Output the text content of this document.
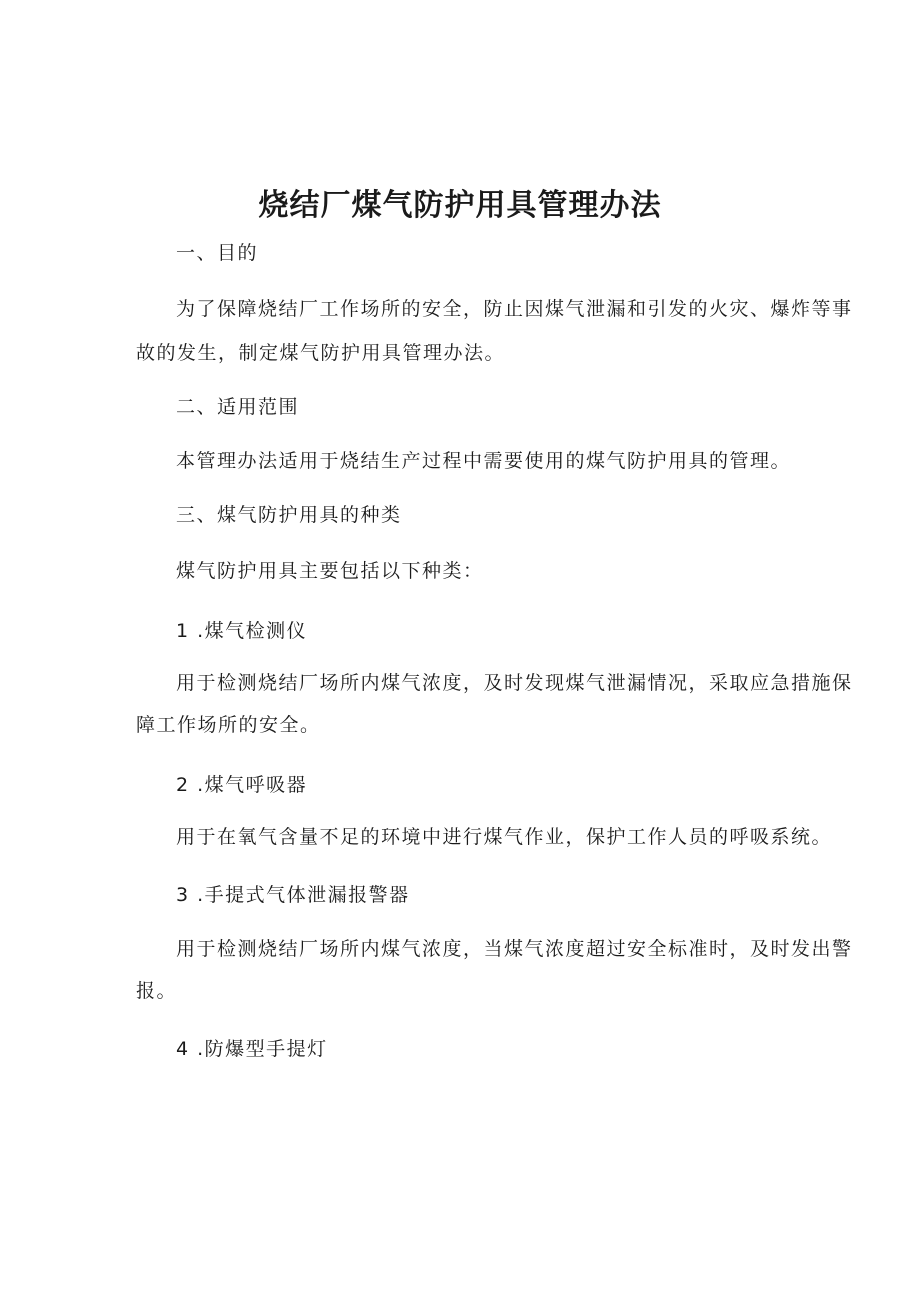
烧结厂煤气防护用具管理办法

一、目的

为了保障烧结厂工作场所的安全，防止因煤气泄漏和引发的火灾、爆炸等事

故的发生，制定煤气防护用具管理办法。

二、适用范围

本管理办法适用于烧结生产过程中需要使用的煤气防护用具的管理。

三、煤气防护用具的种类

煤气防护用具主要包括以下种类：

1 .煤气检测仪

用于检测烧结厂场所内煤气浓度，及时发现煤气泄漏情况，采取应急措施保

障工作场所的安全。

2 .煤气呼吸器

用于在氧气含量不足的环境中进行煤气作业，保护工作人员的呼吸系统。

3 .手提式气体泄漏报警器

用于检测烧结厂场所内煤气浓度，当煤气浓度超过安全标准时，及时发出警

报。

4 .防爆型手提灯
